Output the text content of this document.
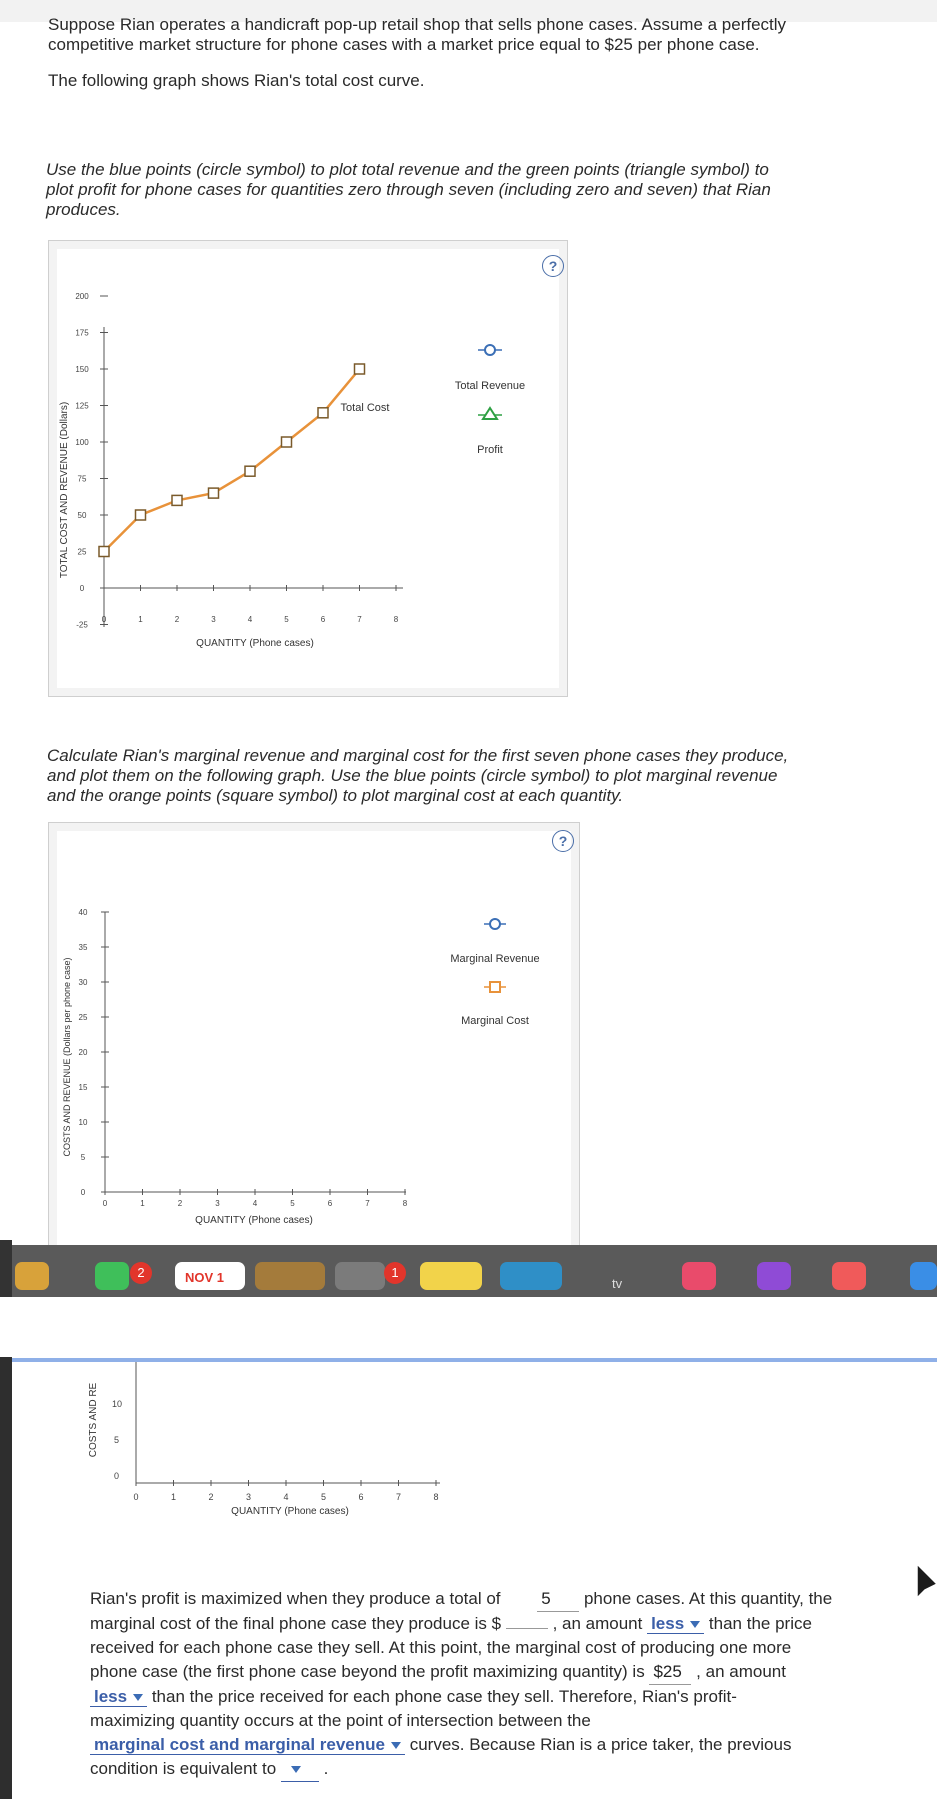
Suppose Rian operates a handicraft pop-up retail shop that sells phone cases. Assume a perfectly
competitive market structure for phone cases with a market price equal to $25 per phone case.
The following graph shows Rian's total cost curve.
Use the blue points (circle symbol) to plot total revenue and the green points (triangle symbol) to
plot profit for phone cases for quantities zero through seven (including zero and seven) that Rian
produces.
?
-25
0
25
50
75
100
125
150
175
200
0	1	2	3	4	5	6	7	8
TOTAL COST AND REVENUE (Dollars)
QUANTITY (Phone cases)
Total Cost
Total Revenue
Profit
Calculate Rian's marginal revenue and marginal cost for the first seven phone cases they produce,
and plot them on the following graph. Use the blue points (circle symbol) to plot marginal revenue
and the orange points (square symbol) to plot marginal cost at each quantity.
?
0
5
10
15
20
25
30
35
40
0	1	2	3	4	5	6	7	8
COSTS AND REVENUE (Dollars per phone case)
QUANTITY (Phone cases)
Marginal Revenue
Marginal Cost
2	NOV 1	1
tv
COSTS AND RE 10
5
0
0	1	2	3	4	5	6	7	8
QUANTITY (Phone cases)
Rian's profit is maximized when they produce a total of 5 phone cases. At this quantity, the
marginal cost of the final phone case they produce is $	, an amount less than the price
received for each phone case they sell. At this point, the marginal cost of producing one more
phone case (the first phone case beyond the profit maximizing quantity) is $25 , an amount
less than the price received for each phone case they sell. Therefore, Rian's profit-
maximizing quantity occurs at the point of intersection between the
marginal cost and marginal revenue curves. Because Rian is a price taker, the previous
condition is equivalent to	.
